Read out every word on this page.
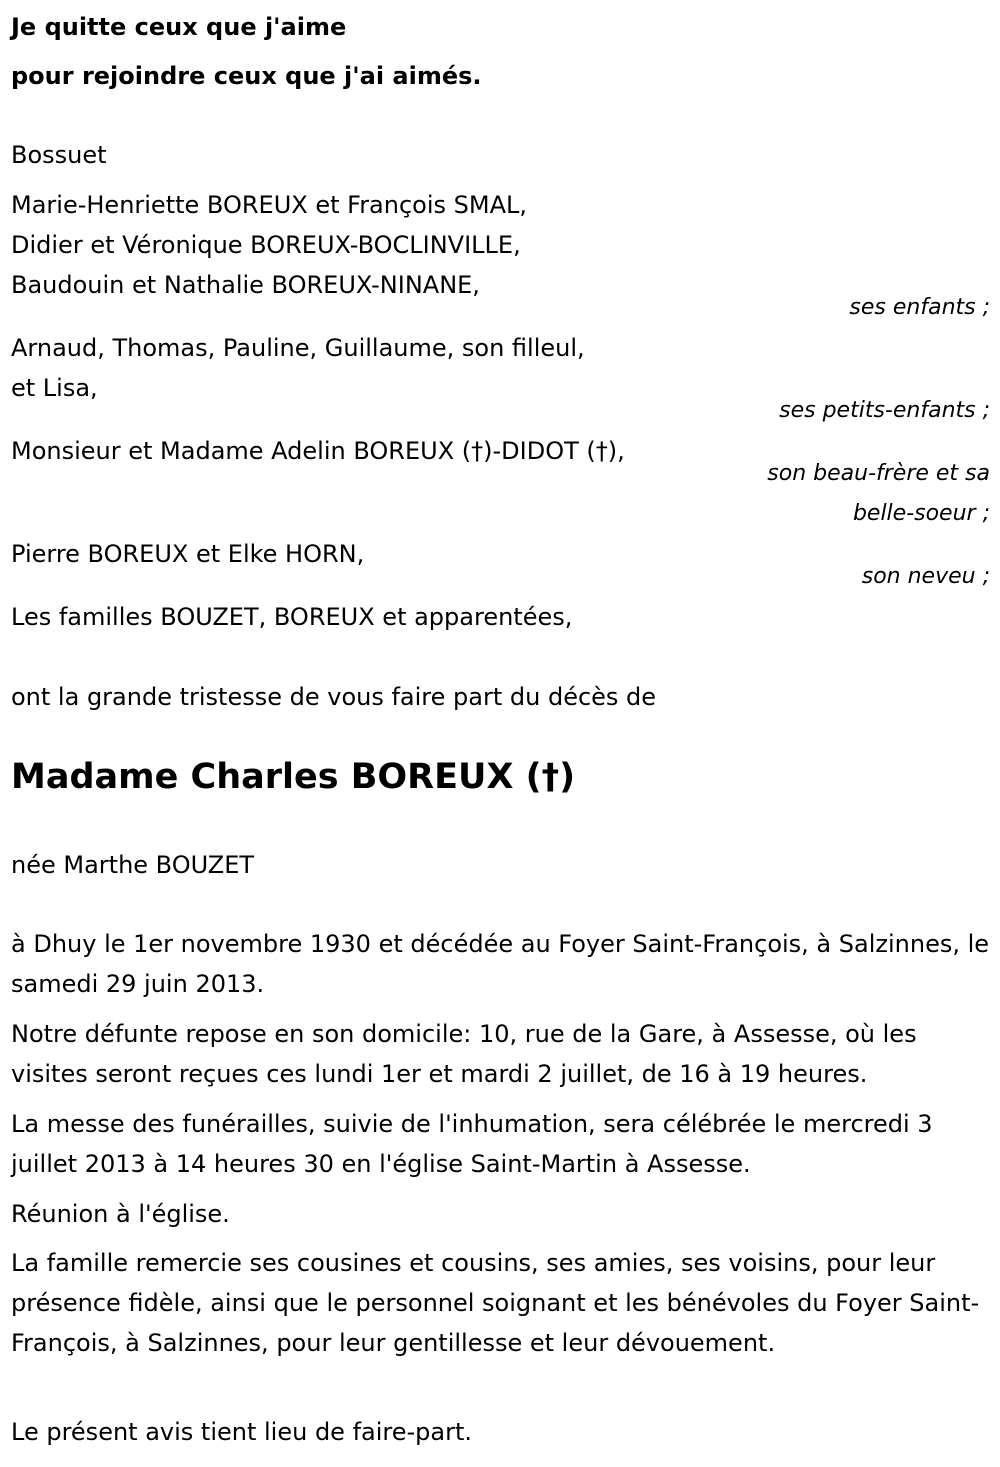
Je quitte ceux que j'aime

pour rejoindre ceux que j'ai aimés.

Bossuet

Marie-Henriette BOREUX et François SMAL,

Didier et Véronique BOREUX-BOCLINVILLE,

Baudouin et Nathalie BOREUX-NINANE,

ses enfants ;

Arnaud, Thomas, Pauline, Guillaume, son filleul,

et Lisa,

ses petits-enfants ;

Monsieur et Madame Adelin BOREUX (†)-DIDOT (†),

son beau-frère et sa

belle-soeur ;

Pierre BOREUX et Elke HORN,

son neveu ;

Les familles BOUZET, BOREUX et apparentées,

ont la grande tristesse de vous faire part du décès de

Madame Charles BOREUX (†)

née Marthe BOUZET

à Dhuy le 1er novembre 1930 et décédée au Foyer Saint-François, à Salzinnes, le samedi 29 juin 2013.

Notre défunte repose en son domicile: 10, rue de la Gare, à Assesse, où les visites seront reçues ces lundi 1er et mardi 2 juillet, de 16 à 19 heures.

La messe des funérailles, suivie de l'inhumation, sera célébrée le mercredi 3 juillet 2013 à 14 heures 30 en l'église Saint-Martin à Assesse.

Réunion à l'église.

La famille remercie ses cousines et cousins, ses amies, ses voisins, pour leur présence fidèle, ainsi que le personnel soignant et les bénévoles du Foyer Saint-François, à Salzinnes, pour leur gentillesse et leur dévouement.

Le présent avis tient lieu de faire-part.
